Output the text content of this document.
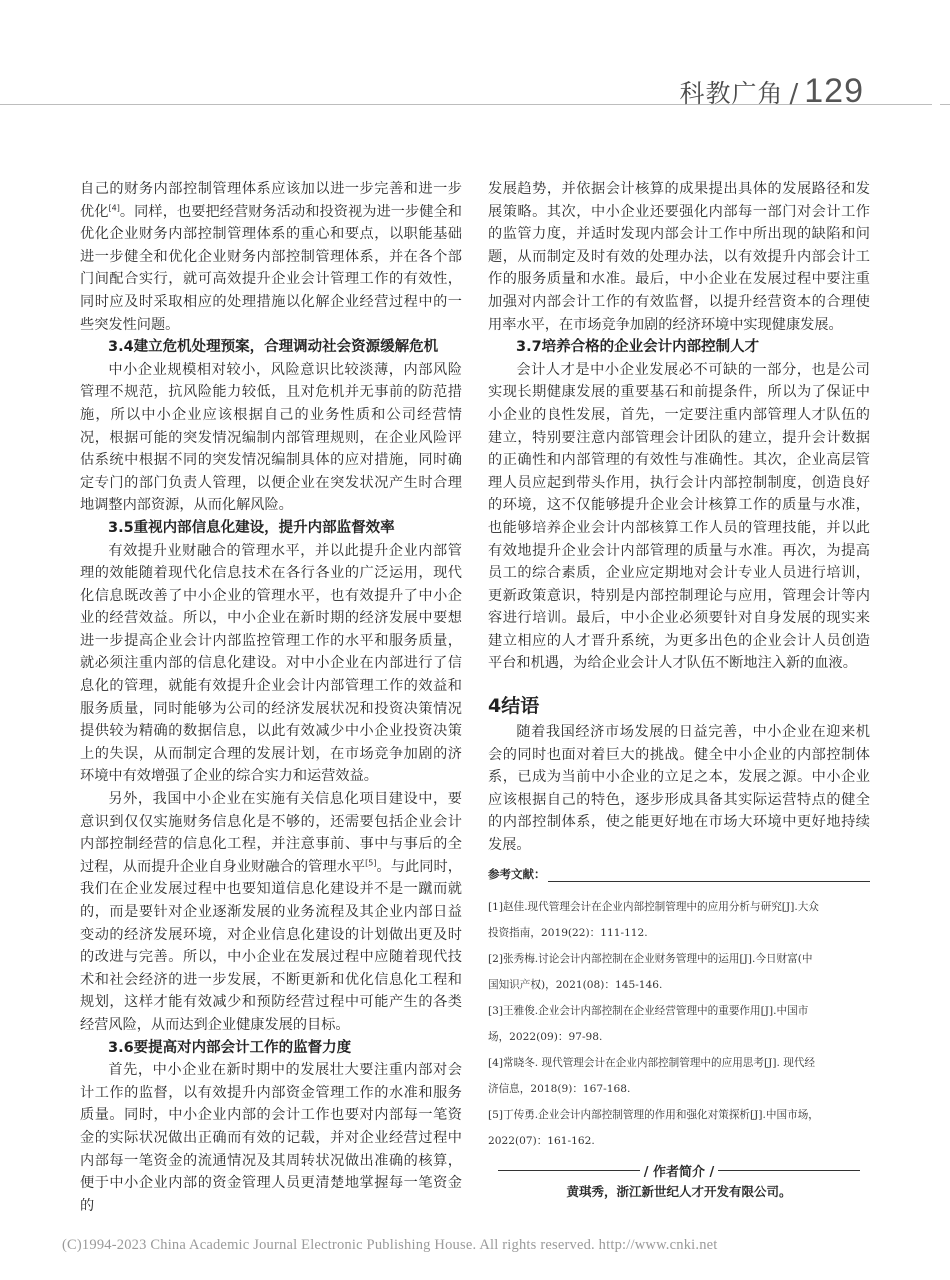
科教广角 / 129

自己的财务内部控制管理体系应该加以进一步完善和进一步优化[4]。同样，也要把经营财务活动和投资视为进一步健全和优化企业财务内部控制管理体系的重心和要点，以职能基础进一步健全和优化企业财务内部控制管理体系，并在各个部门间配合实行，就可高效提升企业会计管理工作的有效性，同时应及时采取相应的处理措施以化解企业经营过程中的一些突发性问题。

3.4建立危机处理预案，合理调动社会资源缓解危机

中小企业规模相对较小，风险意识比较淡薄，内部风险管理不规范，抗风险能力较低，且对危机并无事前的防范措施，所以中小企业应该根据自己的业务性质和公司经营情况，根据可能的突发情况编制内部管理规则，在企业风险评估系统中根据不同的突发情况编制具体的应对措施，同时确定专门的部门负责人管理，以便企业在突发状况产生时合理地调整内部资源，从而化解风险。

3.5重视内部信息化建设，提升内部监督效率

有效提升业财融合的管理水平，并以此提升企业内部管理的效能随着现代化信息技术在各行各业的广泛运用，现代化信息既改善了中小企业的管理水平，也有效提升了中小企业的经营效益。所以，中小企业在新时期的经济发展中要想进一步提高企业会计内部监控管理工作的水平和服务质量，就必须注重内部的信息化建设。对中小企业在内部进行了信息化的管理，就能有效提升企业会计内部管理工作的效益和服务质量，同时能够为公司的经济发展状况和投资决策情况提供较为精确的数据信息，以此有效减少中小企业投资决策上的失误，从而制定合理的发展计划，在市场竞争加剧的济环境中有效增强了企业的综合实力和运营效益。

另外，我国中小企业在实施有关信息化项目建设中，要意识到仅仅实施财务信息化是不够的，还需要包括企业会计内部控制经营的信息化工程，并注意事前、事中与事后的全过程，从而提升企业自身业财融合的管理水平[5]。与此同时，我们在企业发展过程中也要知道信息化建设并不是一蹴而就的，而是要针对企业逐渐发展的业务流程及其企业内部日益变动的经济发展环境，对企业信息化建设的计划做出更及时的改进与完善。所以，中小企业在发展过程中应随着现代技术和社会经济的进一步发展，不断更新和优化信息化工程和规划，这样才能有效减少和预防经营过程中可能产生的各类经营风险，从而达到企业健康发展的目标。

3.6要提高对内部会计工作的监督力度

首先，中小企业在新时期中的发展壮大要注重内部对会计工作的监督，以有效提升内部资金管理工作的水准和服务质量。同时，中小企业内部的会计工作也要对内部每一笔资金的实际状况做出正确而有效的记载，并对企业经营过程中内部每一笔资金的流通情况及其周转状况做出准确的核算，便于中小企业内部的资金管理人员更清楚地掌握每一笔资金的

发展趋势，并依据会计核算的成果提出具体的发展路径和发展策略。其次，中小企业还要强化内部每一部门对会计工作的监管力度，并适时发现内部会计工作中所出现的缺陷和问题，从而制定及时有效的处理办法，以有效提升内部会计工作的服务质量和水准。最后，中小企业在发展过程中要注重加强对内部会计工作的有效监督，以提升经营资本的合理使用率水平，在市场竞争加剧的经济环境中实现健康发展。

3.7培养合格的企业会计内部控制人才

会计人才是中小企业发展必不可缺的一部分，也是公司实现长期健康发展的重要基石和前提条件，所以为了保证中小企业的良性发展，首先，一定要注重内部管理人才队伍的建立，特别要注意内部管理会计团队的建立，提升会计数据的正确性和内部管理的有效性与准确性。其次，企业高层管理人员应起到带头作用，执行会计内部控制制度，创造良好的环境，这不仅能够提升企业会计核算工作的质量与水准，也能够培养企业会计内部核算工作人员的管理技能，并以此有效地提升企业会计内部管理的质量与水准。再次，为提高员工的综合素质，企业应定期地对会计专业人员进行培训，更新政策意识，特别是内部控制理论与应用，管理会计等内容进行培训。最后，中小企业必须要针对自身发展的现实来建立相应的人才晋升系统，为更多出色的企业会计人员创造平台和机遇，为给企业会计人才队伍不断地注入新的血液。

4结语

随着我国经济市场发展的日益完善，中小企业在迎来机会的同时也面对着巨大的挑战。健全中小企业的内部控制体系，已成为当前中小企业的立足之本，发展之源。中小企业应该根据自己的特色，逐步形成具备其实际运营特点的健全的内部控制体系，使之能更好地在市场大环境中更好地持续发展。

参考文献：
[1]赵佳.现代管理会计在企业内部控制管理中的应用分析与研究[J].大众
投资指南，2019(22)：111-112.
[2]张秀梅.讨论会计内部控制在企业财务管理中的运用[J].今日财富(中
国知识产权)，2021(08)：145-146.
[3]王雅俊.企业会计内部控制在企业经营管理中的重要作用[J].中国市
场，2022(09)：97-98.
[4]常晓冬. 现代管理会计在企业内部控制管理中的应用思考[J]. 现代经
济信息，2018(9)：167-168.
[5]丁传勇.企业会计内部控制管理的作用和强化对策探析[J].中国市场，
2022(07)：161-162.
/ 作者简介 /
黄琪秀，浙江新世纪人才开发有限公司。
(C)1994-2023 China Academic Journal Electronic Publishing House. All rights reserved. http://www.cnki.net
